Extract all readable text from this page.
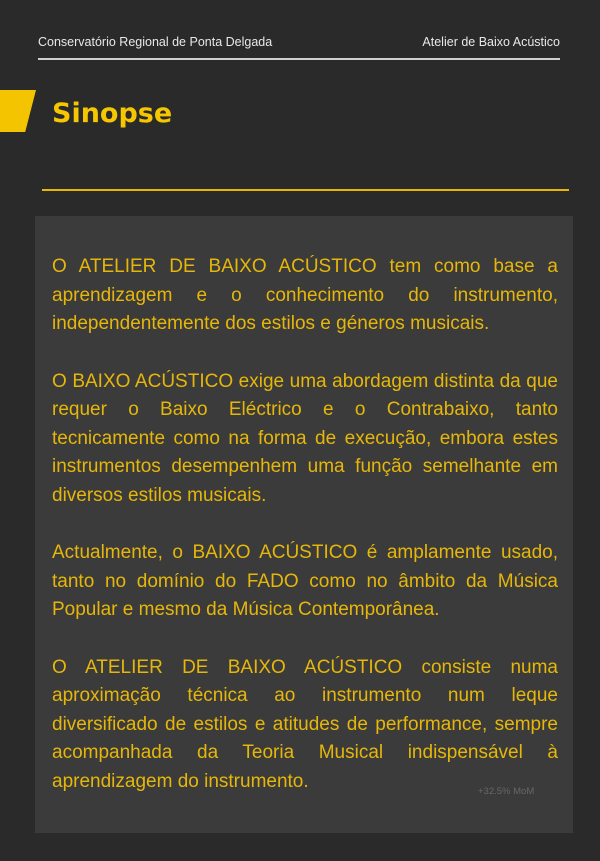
Conservatório Regional de Ponta Delgada	Atelier de Baixo Acústico
Sinopse

O ATELIER DE BAIXO ACÚSTICO tem como base a aprendizagem e o conhecimento do instrumento, independentemente dos estilos e géneros musicais.

O BAIXO ACÚSTICO exige uma abordagem distinta da que requer o Baixo Eléctrico e o Contrabaixo, tanto tecnicamente como na forma de execução, embora estes instrumentos desempenhem uma função semelhante em diversos estilos musicais.

Actualmente, o BAIXO ACÚSTICO é amplamente usado, tanto no domínio do FADO como no âmbito da Música Popular e mesmo da Música Contemporânea.

O ATELIER DE BAIXO ACÚSTICO consiste numa aproximação técnica ao instrumento num leque diversificado de estilos e atitudes de performance, sempre acompanhada da Teoria Musical indispensável à aprendizagem do instrumento.	+32.5% MoM
